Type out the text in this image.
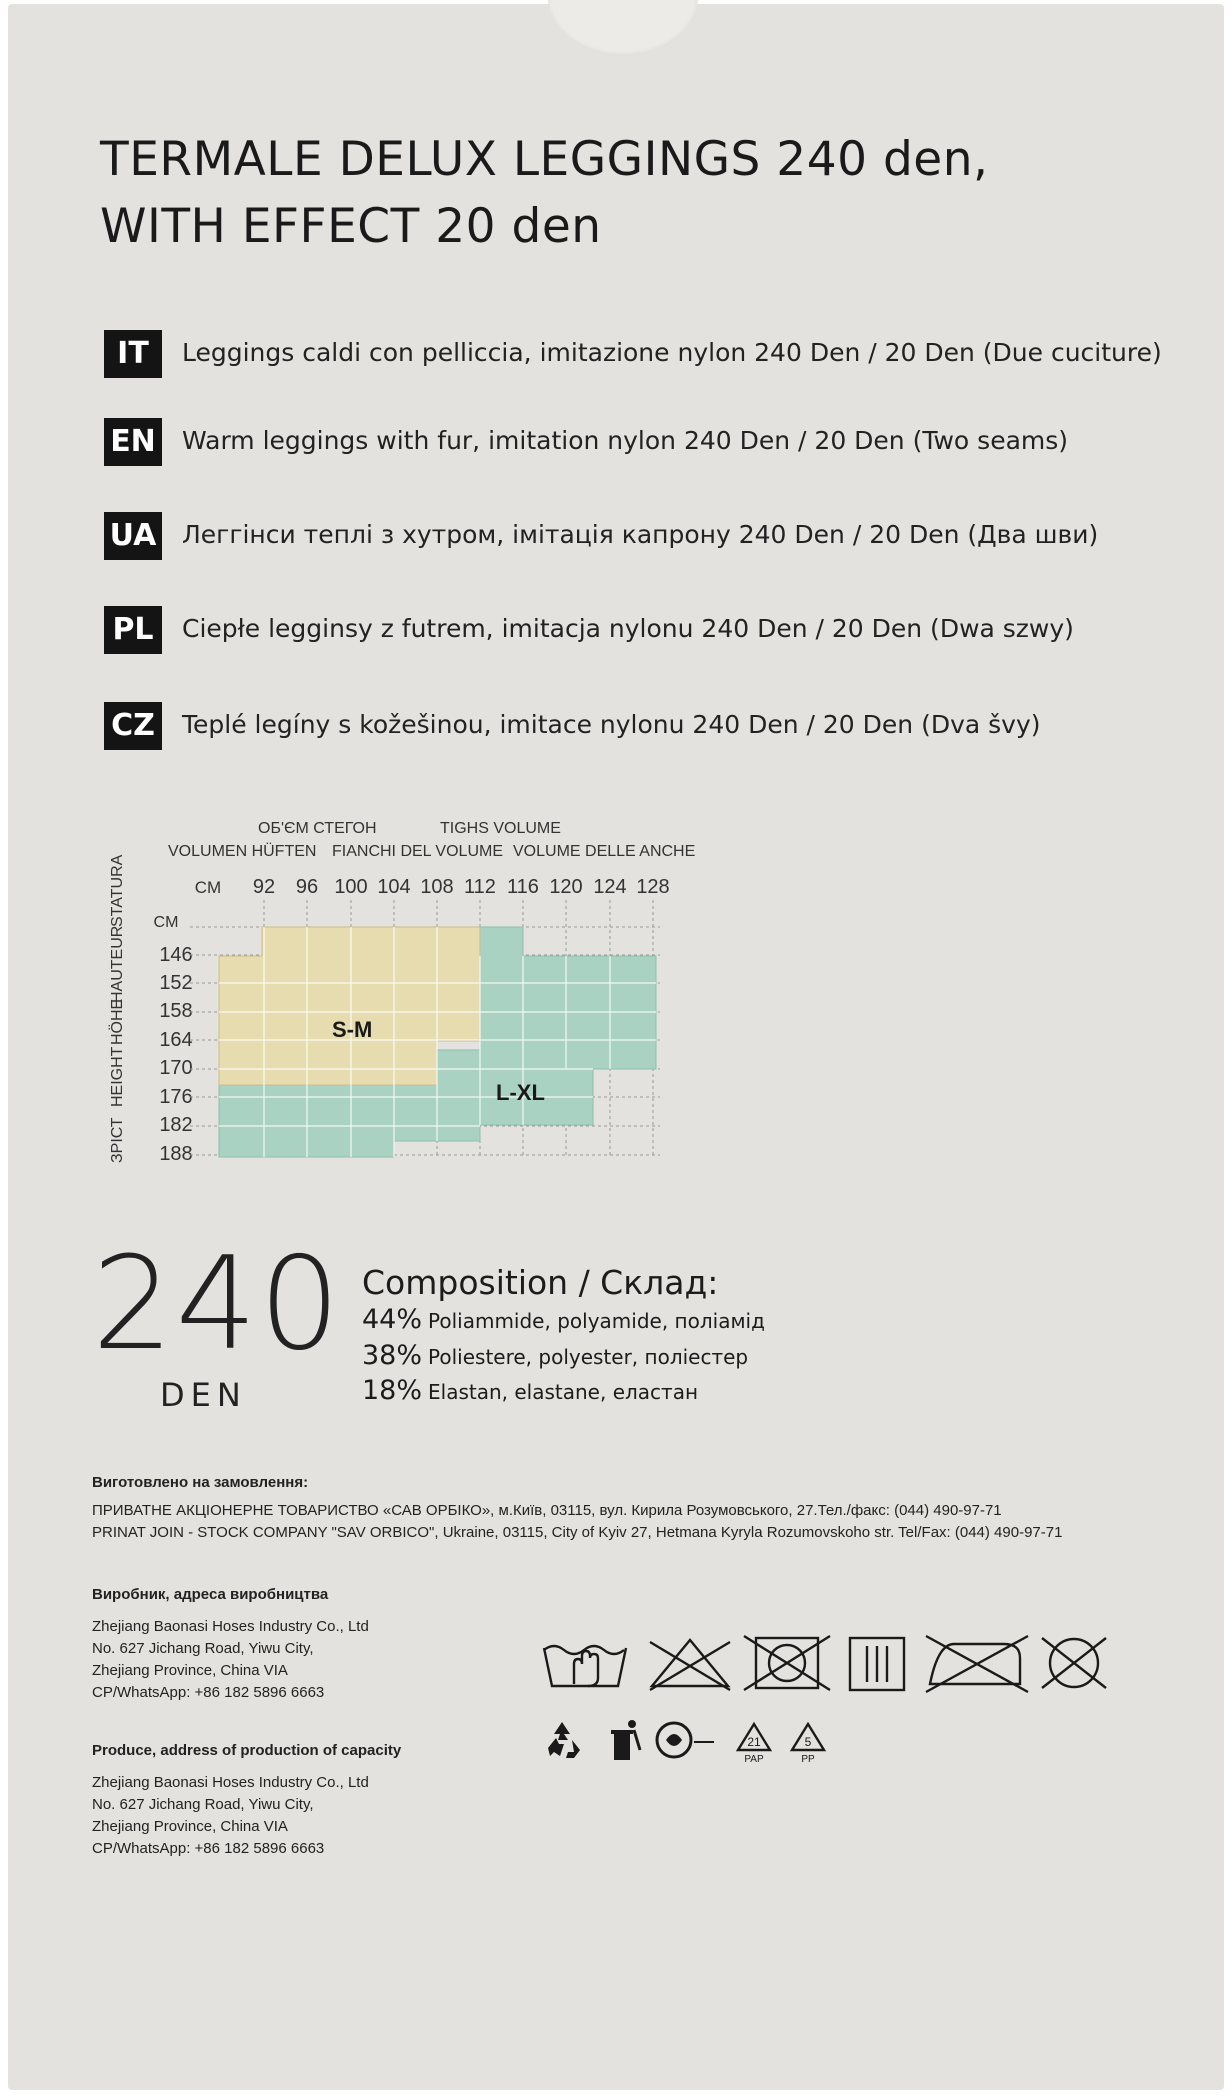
TERMALE DELUX LEGGINGS 240 den,
WITH EFFECT 20 den
IT	Leggings caldi con pelliccia, imitazione nylon 240 Den / 20 Den (Due cuciture)
EN Warm leggings with fur, imitation nylon 240 Den / 20 Den (Two seams)
UA Леггінси теплі з хутром, імітація капрону 240 Den / 20 Den (Два шви)
PL	Ciepłe legginsy z futrem, imitacja nylonu 240 Den / 20 Den (Dwa szwy)
CZ Teplé legíny s kožešinou, imitace nylonu 240 Den / 20 Den (Dva švy)
ОБ'ЄМ СТЕГОН	TIGHS VOLUME
VOLUMEN HÜFTEN FIANCHI DEL VOLUME VOLUME DELLE ANCHE
ЗРІСТ
HEIGHT
HÖHE
HAUTEUR
STATURA	CM
CM
92 96 100 104 108 112 116 120 124 128
146
152
158
164
170
176
182
188
S-M
L-XL
240
DEN
Composition / Склад:
44% Poliammide, polyamide, поліамід
38% Poliestere, polyester, поліестер
18% Elastan, elastane, еластан
Виготовлено на замовлення:
ПРИВАТНЕ АКЦІОНЕРНЕ ТОВАРИСТВО «САВ ОРБІКО», м.Київ, 03115, вул. Кирила Розумовського, 27.Тел./факс: (044) 490-97-71
PRINAT JOIN - STOCK COMPANY "SAV ORBICO", Ukraine, 03115, City of Kyiv 27, Hetmana Kyryla Rozumovskoho str. Tel/Fax: (044) 490-97-71
Виробник, адреса виробництва
Zhejiang Baonasi Hoses Industry Co., Ltd
No. 627 Jichang Road, Yiwu City,
Zhejiang Province, China VIA
CP/WhatsApp: +86 182 5896 6663
Produce, address of production of capacity
Zhejiang Baonasi Hoses Industry Co., Ltd
No. 627 Jichang Road, Yiwu City,
Zhejiang Province, China VIA
CP/WhatsApp: +86 182 5896 6663
21
PAP
5
PP
